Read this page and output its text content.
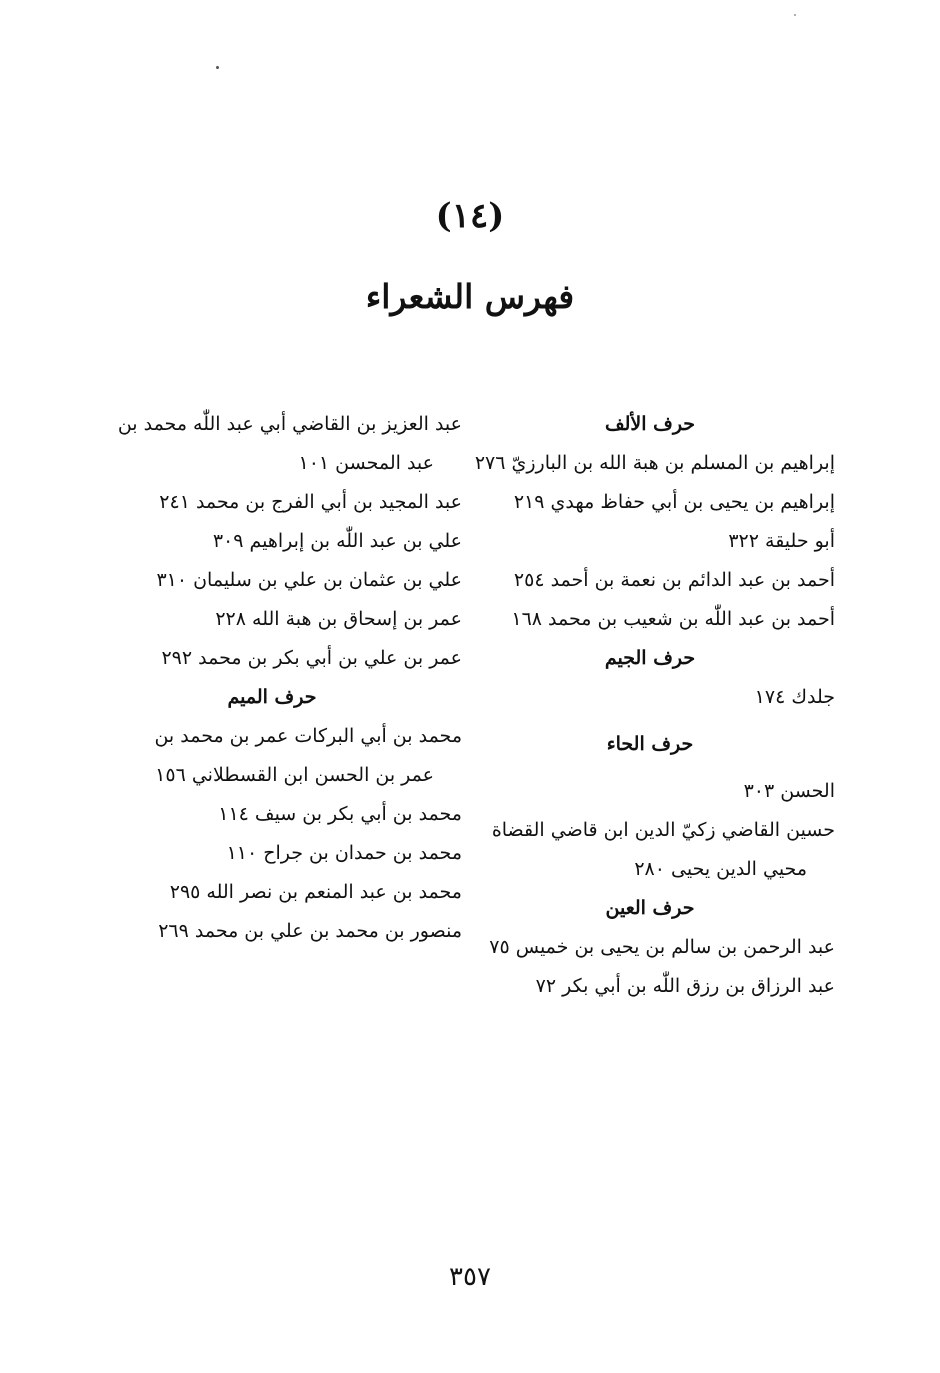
(١٤)
فهرس الشعراء
حرف الألف
إبراهيم بن المسلم بن هبة الله بن البارزيّ ٢٧٦
إبراهيم بن يحيى بن أبي حفاظ مهدي ٢١٩
أبو حليقة ٣٢٢
أحمد بن عبد الدائم بن نعمة بن أحمد ٢٥٤
أحمد بن عبد اللّٰه بن شعيب بن محمد ١٦٨
حرف الجيم
جلدك ١٧٤
حرف الحاء
الحسن ٣٠٣
حسين القاضي زكيّ الدين ابن قاضي القضاة
محيي الدين يحيى ٢٨٠
حرف العين
عبد الرحمن بن سالم بن يحيى بن خميس ٧٥
عبد الرزاق بن رزق اللّٰه بن أبي بكر ٧٢
عبد العزيز بن القاضي أبي عبد اللّٰه محمد بن
عبد المحسن ١٠١
عبد المجيد بن أبي الفرج بن محمد ٢٤١
علي بن عبد اللّٰه بن إبراهيم ٣٠٩
علي بن عثمان بن علي بن سليمان ٣١٠
عمر بن إسحاق بن هبة الله ٢٢٨
عمر بن علي بن أبي بكر بن محمد ٢٩٢
حرف الميم
محمد بن أبي البركات عمر بن محمد بن
عمر بن الحسن ابن القسطلاني ١٥٦
محمد بن أبي بكر بن سيف ١١٤
محمد بن حمدان بن جراح ١١٠
محمد بن عبد المنعم بن نصر الله ٢٩٥
منصور بن محمد بن علي بن محمد ٢٦٩
٣٥٧
